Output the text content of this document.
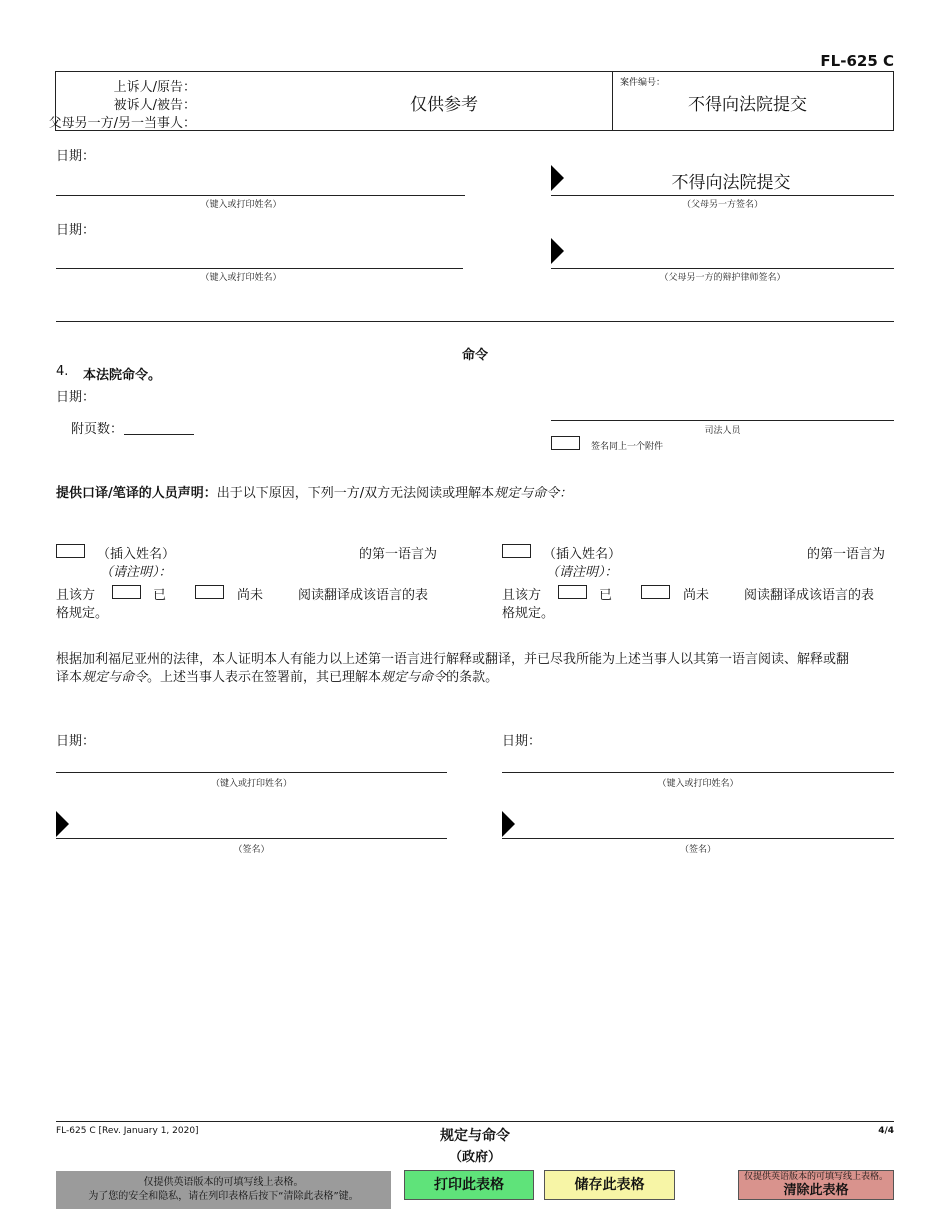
FL-625 C
上诉人/原告：
被诉人/被告：
父母另一方/另一当事人：
仅供参考
案件编号：
不得向法院提交
日期：
（键入或打印姓名）
不得向法院提交
（父母另一方签名）
日期：
（键入或打印姓名）	（父母另一方的辩护律师签名）
命令
4. 本法院命令。
日期：
附页数：	司法人员
签名同上一个附件
提供口译/笔译的人员声明：出于以下原因，下列一方/双方无法阅读或理解本规定与命令：
（插入姓名）	的第一语言为
（请注明）：
且该方	已	尚未	阅读翻译成该语言的表
格规定。
（插入姓名）	的第一语言为
（请注明）：
且该方	已	尚未	阅读翻译成该语言的表
格规定。
根据加利福尼亚州的法律，本人证明本人有能力以上述第一语言进行解释或翻译，并已尽我所能为上述当事人以其第一语言阅读、解释或翻
译本规定与命令。上述当事人表示在签署前，其已理解本规定与命令的条款。
日期：
（键入或打印姓名）
（签名）
日期：
（键入或打印姓名）
（签名）
FL-625 C [Rev. January 1, 2020]	规定与命令
（政府）
4/4
仅提供英语版本的可填写线上表格。
为了您的安全和隐私，请在列印表格后按下“清除此表格”键。
打印此表格	储存此表格	仅提供英语版本的可填写线上表格。
清除此表格
